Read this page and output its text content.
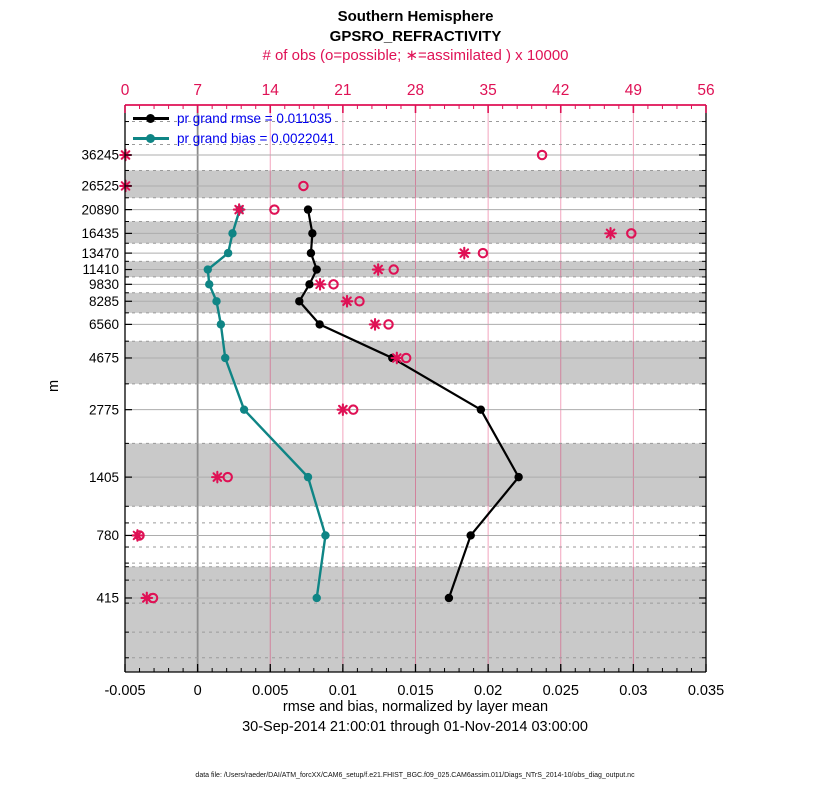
0	7	14	21	28	35	42	49	56
-0.005	0	0.005	0.01	0.015	0.02	0.025	0.03	0.035
36245
26525
20890
16435
13470
11410
9830
8285
6560
4675
2775
1405
780
415
Southern Hemisphere
GPSRO_REFRACTIVITY
# of obs (o=possible; ∗=assimilated ) x 10000
pr grand rmse = 0.011035
pr grand bias = 0.0022041
m
rmse and bias, normalized by layer mean
30-Sep-2014 21:00:01 through 01-Nov-2014 03:00:00
data file: /Users/raeder/DAI/ATM_forcXX/CAM6_setup/f.e21.FHIST_BGC.f09_025.CAM6assim.011/Diags_NTrS_2014-10/obs_diag_output.nc
